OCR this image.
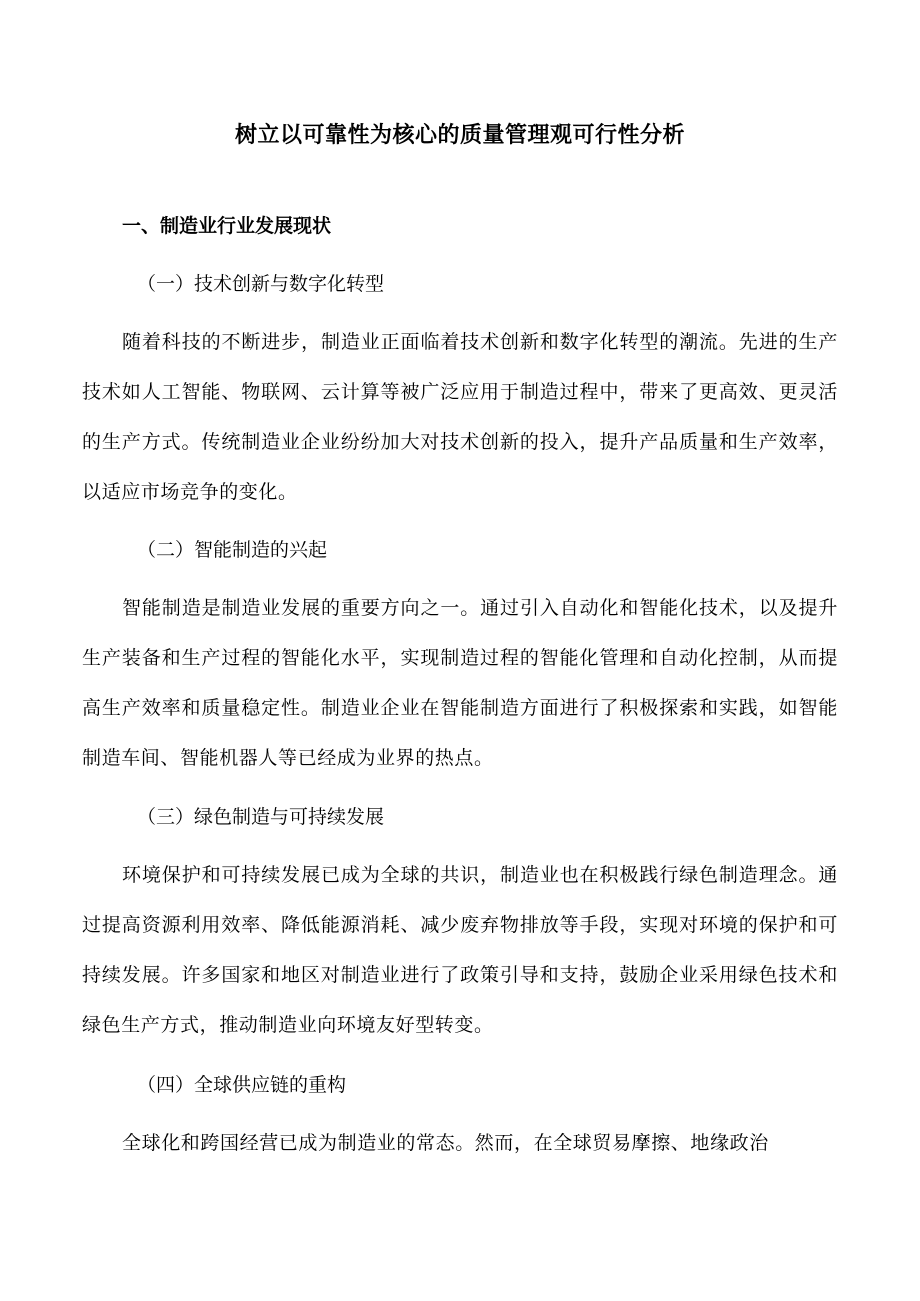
树立以可靠性为核心的质量管理观可行性分析
一、制造业行业发展现状
（一）技术创新与数字化转型
随着科技的不断进步，制造业正面临着技术创新和数字化转型的潮流。先进的生产技术如人工智能、物联网、云计算等被广泛应用于制造过程中，带来了更高效、更灵活的生产方式。传统制造业企业纷纷加大对技术创新的投入，提升产品质量和生产效率，以适应市场竞争的变化。
（二）智能制造的兴起
智能制造是制造业发展的重要方向之一。通过引入自动化和智能化技术，以及提升生产装备和生产过程的智能化水平，实现制造过程的智能化管理和自动化控制，从而提高生产效率和质量稳定性。制造业企业在智能制造方面进行了积极探索和实践，如智能制造车间、智能机器人等已经成为业界的热点。
（三）绿色制造与可持续发展
环境保护和可持续发展已成为全球的共识，制造业也在积极践行绿色制造理念。通过提高资源利用效率、降低能源消耗、减少废弃物排放等手段，实现对环境的保护和可持续发展。许多国家和地区对制造业进行了政策引导和支持，鼓励企业采用绿色技术和绿色生产方式，推动制造业向环境友好型转变。
（四）全球供应链的重构
全球化和跨国经营已成为制造业的常态。然而，在全球贸易摩擦、地缘政治
